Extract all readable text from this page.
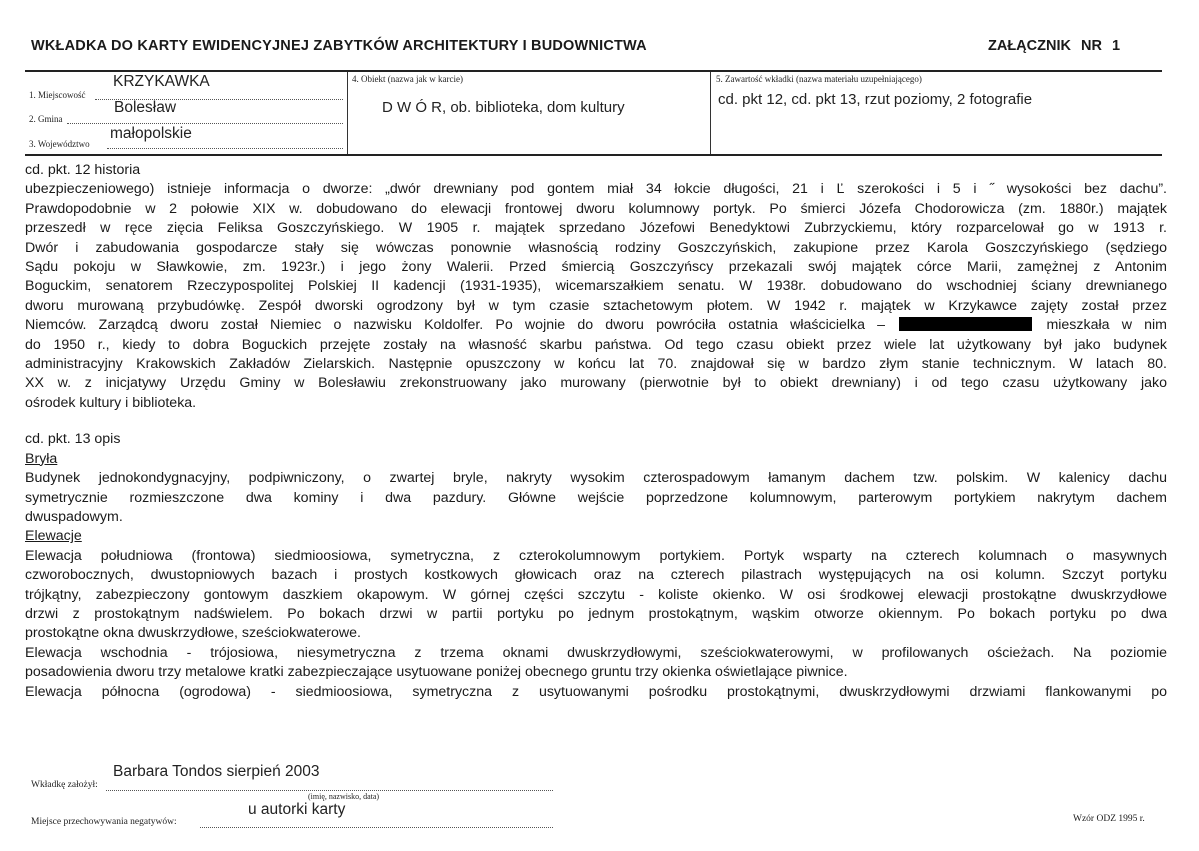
WKŁADKA DO KARTY EWIDENCYJNEJ ZABYTKÓW ARCHITEKTURY I BUDOWNICTWA	ZAŁĄCZNIK NR 1
1. Miejscowość
KRZYKAWKA
2. Gmina
Bolesław
3. Województwo
małopolskie
4. Obiekt (nazwa jak w karcie)
D W Ó R, ob. biblioteka, dom kultury
5. Zawartość wkładki (nazwa materiału uzupełniającego)
cd. pkt 12, cd. pkt 13, rzut poziomy, 2 fotografie

cd. pkt. 12 historia

ubezpieczeniowego) istnieje informacja o dworze: „dwór drewniany pod gontem miał 34 łokcie długości, 21 i Ľ szerokości i 5 i ˝ wysokości bez dachu”.

Prawdopodobnie w 2 połowie XIX w. dobudowano do elewacji frontowej dworu kolumnowy portyk. Po śmierci Józefa Chodorowicza (zm. 1880r.) majątek

przeszedł w ręce zięcia Feliksa Goszczyńskiego. W 1905 r. majątek sprzedano Józefowi Benedyktowi Zubrzyckiemu, który rozparcelował go w 1913 r.

Dwór i zabudowania gospodarcze stały się wówczas ponownie własnością rodziny Goszczyńskich, zakupione przez Karola Goszczyńskiego (sędziego

Sądu pokoju w Sławkowie, zm. 1923r.) i jego żony Walerii. Przed śmiercią Goszczyńscy przekazali swój majątek córce Marii, zamężnej z Antonim

Boguckim, senatorem Rzeczypospolitej Polskiej II kadencji (1931-1935), wicemarszałkiem senatu. W 1938r. dobudowano do wschodniej ściany drewnianego

dworu murowaną przybudówkę. Zespół dworski ogrodzony był w tym czasie sztachetowym płotem. W 1942 r. majątek w Krzykawce zajęty został przez

Niemców. Zarządcą dworu został Niemiec o nazwisku Koldolfer. Po wojnie do dworu powróciła ostatnia właścicielka –	mieszkała w nim

do 1950 r., kiedy to dobra Boguckich przejęte zostały na własność skarbu państwa. Od tego czasu obiekt przez wiele lat użytkowany był jako budynek

administracyjny Krakowskich Zakładów Zielarskich. Następnie opuszczony w końcu lat 70. znajdował się w bardzo złym stanie technicznym. W latach 80.

XX w. z inicjatywy Urzędu Gminy w Bolesławiu zrekonstruowany jako murowany (pierwotnie był to obiekt drewniany) i od tego czasu użytkowany jako

ośrodek kultury i biblioteka.

cd. pkt. 13 opis

Bryła

Budynek jednokondygnacyjny, podpiwniczony, o zwartej bryle, nakryty wysokim czterospadowym łamanym dachem tzw. polskim. W kalenicy dachu

symetrycznie rozmieszczone dwa kominy i dwa pazdury. Główne wejście poprzedzone kolumnowym, parterowym portykiem nakrytym dachem

dwuspadowym.

Elewacje

Elewacja południowa (frontowa) siedmioosiowa, symetryczna, z czterokolumnowym portykiem. Portyk wsparty na czterech kolumnach o masywnych

czworobocznych, dwustopniowych bazach i prostych kostkowych głowicach oraz na czterech pilastrach występujących na osi kolumn. Szczyt portyku

trójkątny, zabezpieczony gontowym daszkiem okapowym. W górnej części szczytu - koliste okienko. W osi środkowej elewacji prostokątne dwuskrzydłowe

drzwi z prostokątnym nadświelem. Po bokach drzwi w partii portyku po jednym prostokątnym, wąskim otworze okiennym. Po bokach portyku po dwa

prostokątne okna dwuskrzydłowe, sześciokwaterowe.

Elewacja wschodnia - trójosiowa, niesymetryczna z trzema oknami dwuskrzydłowymi, sześciokwaterowymi, w profilowanych ościeżach. Na poziomie

posadowienia dworu trzy metalowe kratki zabezpieczające usytuowane poniżej obecnego gruntu trzy okienka oświetlające piwnice.

Elewacja północna (ogrodowa) - siedmioosiowa, symetryczna z usytuowanymi pośrodku prostokątnymi, dwuskrzydłowymi drzwiami flankowanymi po

Wkładkę założył:
Barbara Tondos sierpień 2003
(imię, nazwisko, data)
Miejsce przechowywania negatywów:
u autorki karty
Wzór ODZ 1995 r.
